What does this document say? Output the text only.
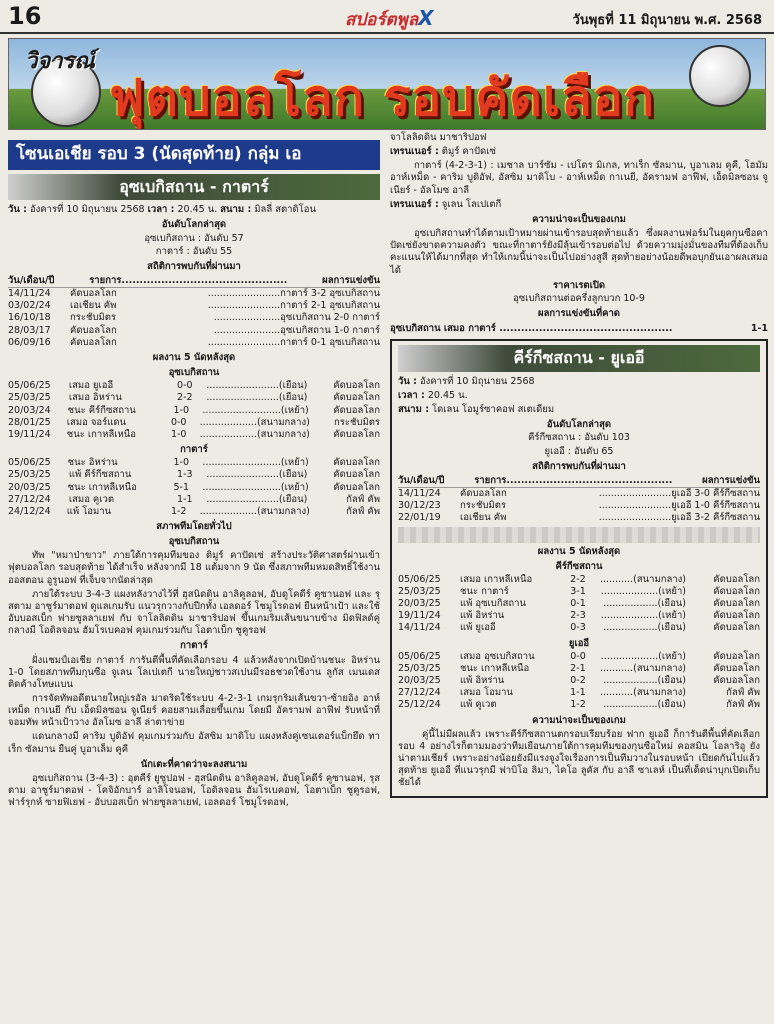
16	สปอร์ตพูลX	วันพุธที่ 11 มิถุนายน พ.ศ. 2568
วิจารณ์
ฟุตบอลโลก รอบคัดเลือก
โซนเอเชีย รอบ 3 (นัดสุดท้าย) กลุ่ม เอ
อุซเบกิสถาน - กาตาร์
วัน : อังคารที่ 10 มิถุนายน 2568 เวลา : 20.45 น. สนาม : มิลลี่ สตาดิโอน
อันดับโลกล่าสุด
อุซเบกิสถาน : อันดับ 57
กาตาร์ : อันดับ 55
สถิติการพบกันที่ผ่านมา
วัน/เดือน/ปี	รายการ..............................................	ผลการแข่งขัน
14/11/24	คัดบอลโลก	........................กาตาร์ 3-2 อุซเบกิสถาน
03/02/24	เอเชียน คัพ	........................กาตาร์ 2-1 อุซเบกิสถาน
16/10/18	กระชับมิตร	......................อุซเบกิสถาน 2-0 กาตาร์
28/03/17	คัดบอลโลก	......................อุซเบกิสถาน 1-0 กาตาร์
06/09/16	คัดบอลโลก	........................กาตาร์ 0-1 อุซเบกิสถาน
ผลงาน 5 นัดหลังสุด
อุซเบกิสถาน
05/06/25	เสมอ ยูเออี	0-0	........................(เยือน)	คัดบอลโลก
25/03/25	เสมอ อิหร่าน	2-2	........................(เยือน)	คัดบอลโลก
20/03/24	ชนะ คีร์กีซสถาน	1-0	..........................(เหย้า)	คัดบอลโลก
28/01/25	เสมอ จอร์แดน	0-0	...................(สนามกลาง)	กระชับมิตร
19/11/24	ชนะ เกาหลีเหนือ	1-0	...................(สนามกลาง)	คัดบอลโลก
กาตาร์
05/06/25	ชนะ อิหร่าน	1-0	..........................(เหย้า)	คัดบอลโลก
25/03/25	แพ้ คีร์กีซสถาน	1-3	........................(เยือน)	คัดบอลโลก
20/03/25	ชนะ เกาหลีเหนือ	5-1	..........................(เหย้า)	คัดบอลโลก
27/12/24	เสมอ คูเวต	1-1	........................(เยือน)	กัลฟ์ คัพ
24/12/24	แพ้ โอมาน	1-2	...................(สนามกลาง)	กัลฟ์ คัพ
สภาพทีมโดยทั่วไป
อุซเบกิสถาน

ทัพ "หมาป่าขาว" ภายใต้การคุมทีมของ ติมูร์ คาปัดเซ่ สร้างประวัติศาสตร์ผ่านเข้าฟุตบอลโลก รอบสุดท้าย ได้สำเร็จ หลังจากมี 18 แต้มจาก 9 นัด ซึ่งสภาพทีมหมดสิทธิ์ใช้งาน ออสตอน อูรูนอฟ ที่เจ็บจากนัดล่าสุด

ภายใต้ระบบ 3-4-3 แผงหลังวางไว้ที่ ฮุสนิดดิน อาลิคูลอฟ, อับดูโคดีร์ คูซานอฟ และ รุสตาม อาชูร์มาตอฟ ดูแลเกมรับ แนวรุกวางกับปีกทั้ง เอลดอร์ โชมูโรดอฟ ยืนหน้าเป้า และใช้ อับบอสเบ็ก ฟายซูลลาเยฟ กับ จาโลลิดดิน มาชาริปอฟ ขึ้นเกมริมเส้นขนาบข้าง มิดฟิลด์คู่กลางมี โอดิลจอน ฮัมโรเบคอฟ คุมเกมร่วมกับ โอตาเบ็ก ชูคูรอฟ

กาตาร์

ฝั่งแชมป์เอเชีย กาตาร์ การันตีพื้นที่คัดเลือกรอบ 4 แล้วหลังจากเปิดบ้านชนะ อิหร่าน 1-0 โดยสภาพทีมกุนซือ จูเลน โลเปเตกี นายใหญ่ชาวสเปนมีรอธชวดใช้งาน ลูกัส เมนเดส ติดค้างโทษแบน

การจัดทัพอดีตนายใหญ่เรอัล มาดริดใช้ระบบ 4-2-3-1 เกมรุกริมเส้นขวา-ซ้ายอิง อาห์เหม็ด กาเนยี กับ เอ็ดมิลซอน จูเนียร์ คอยสามเลื่อยขึ้นเกม โดยมี อัครามฟ อาฟีฟ รับหน้าที่จอมทัพ หน้าเป้าวาง อัลโมซ อาลี ล่าตาข่าย

แดนกลางมี คาริม บูดิอัฟ คุมเกมร่วมกับ อัสซิม มาดิโบ แผงหลังคู่เซนเตอร์แบ็กยึด ทาเร็ก ซัลมาน ยืนคู่ บูอาเล็ม คูคี

นักเตะที่คาดว่าจะลงสนาม

อุซเบกิสถาน (3-4-3) : อุตคีร์ ยูซูปอฟ - ฮุสนิดดิน อาลิคูลอฟ, อับดูโคดีร์ คูซานอฟ, รุสตาม อาชูร์มาตอฟ - โคจิอักบาร์ อาลิโจนอฟ, โอดิลจอน ฮัมโรเบคอฟ, โอตาเบ็ก ชูคูรอฟ, ฟาร์รุกห์ ซายฟิเยฟ - อับบอสเบ็ก ฟายซูลลาเยฟ, เอลดอร์ โชมูโรดอฟ,

จาโลลิดดิน มาชาริปอฟ
เทรนเนอร์ : ติมูร์ คาปัดเซ่

กาตาร์ (4-2-3-1) : เมชาล บาร์ซัม - เปโดร มิเกล, ทาเร็ก ซัลมาน, บูอาเลม คูคี, โฮมัม อาห์เหม็ด - คาริม บูดิอัฟ, อัสซิม มาดิโบ - อาห์เหม็ด กาเนยี, อัครามฟ อาฟีฟ, เอ็ดมิลซอน จูเนียร์ - อัลโมซ อาลี

เทรนเนอร์ : จูเลน โลเปเตกี
ความน่าจะเป็นของเกม

อุซเบกิสถานทำได้ตามเป้าหมายผ่านเข้ารอบสุดท้ายแล้ว ซึ่งผลงานฟอร์มในยุคกุนซือคาปัดเซ่ยังขาดความคงตัว ขณะที่กาตาร์ยังมีลุ้นเข้ารอบต่อไป ด้วยความมุ่งมั่นของทีมที่ต้องเก็บคะแนนให้ได้มากที่สุด ทำให้เกมนี้น่าจะเป็นไปอย่างสูสี สุดท้ายอย่างน้อยดีพอบุกยันเอาผลเสมอได้

ราคาเรตเปิด
อุซเบกิสถานต่อครึ่งลูกบวก 10-9
ผลการแข่งขันที่คาด
อุซเบกิสถาน เสมอ กาตาร์ ................................................	1-1
คีร์กีซสถาน - ยูเออี
วัน : อังคารที่ 10 มิถุนายน 2568
เวลา : 20.45 น.
สนาม : โดเลน โอมูร์ซาคอฟ สเตเดียม
อันดับโลกล่าสุด
คีร์กีซสถาน : อันดับ 103
ยูเออี : อันดับ 65
สถิติการพบกันที่ผ่านมา
วัน/เดือน/ปี	รายการ..............................................	ผลการแข่งขัน
14/11/24	คัดบอลโลก	........................ยูเออี 3-0 คีร์กีซสถาน
30/12/23	กระชับมิตร	........................ยูเออี 1-0 คีร์กีซสถาน
22/01/19	เอเชียน คัพ	........................ยูเออี 3-2 คีร์กีซสถาน
ผลงาน 5 นัดหลังสุด
คีร์กีซสถาน
05/06/25	เสมอ เกาหลีเหนือ	2-2	...........(สนามกลาง)	คัดบอลโลก
25/03/25	ชนะ กาตาร์	3-1	...................(เหย้า)	คัดบอลโลก
20/03/25	แพ้ อุซเบกิสถาน	0-1	..................(เยือน)	คัดบอลโลก
19/11/24	แพ้ อิหร่าน	2-3	...................(เหย้า)	คัดบอลโลก
14/11/24	แพ้ ยูเออี	0-3	..................(เยือน)	คัดบอลโลก
ยูเออี
05/06/25	เสมอ อุซเบกิสถาน	0-0	...................(เหย้า)	คัดบอลโลก
25/03/25	ชนะ เกาหลีเหนือ	2-1	...........(สนามกลาง)	คัดบอลโลก
20/03/25	แพ้ อิหร่าน	0-2	..................(เยือน)	คัดบอลโลก
27/12/24	เสมอ โอมาน	1-1	...........(สนามกลาง)	กัลฟ์ คัพ
25/12/24	แพ้ คูเวต	1-2	..................(เยือน)	กัลฟ์ คัพ
ความน่าจะเป็นของเกม

คู่นี้ไม่มีผลแล้ว เพราะคีร์กีซสถานตกรอบเรียบร้อย ฟาก ยูเออี ก็การันตีพื้นที่คัดเลือก รอบ 4 อย่างไรก็ตามมองว่าทีมเยือนภายใต้การคุมทีมของกุนซือใหม่ คอสมิน โอลาริอู ยังน่าตามเชียร์ เพราะอย่างน้อยยังมีแรงจูงใจเรื่องการเป็นทีมวางในรอบหน้า เปียดกันไปแล้วสุดท้าย ยูเออี ที่แนวรุกมี ฟาบิโอ ลิมา, ไคโอ ลูคัส กับ อาลี ซาเลห์ เป็นที่เด็ดน่าบุกเปิดเก็บชัยได้
